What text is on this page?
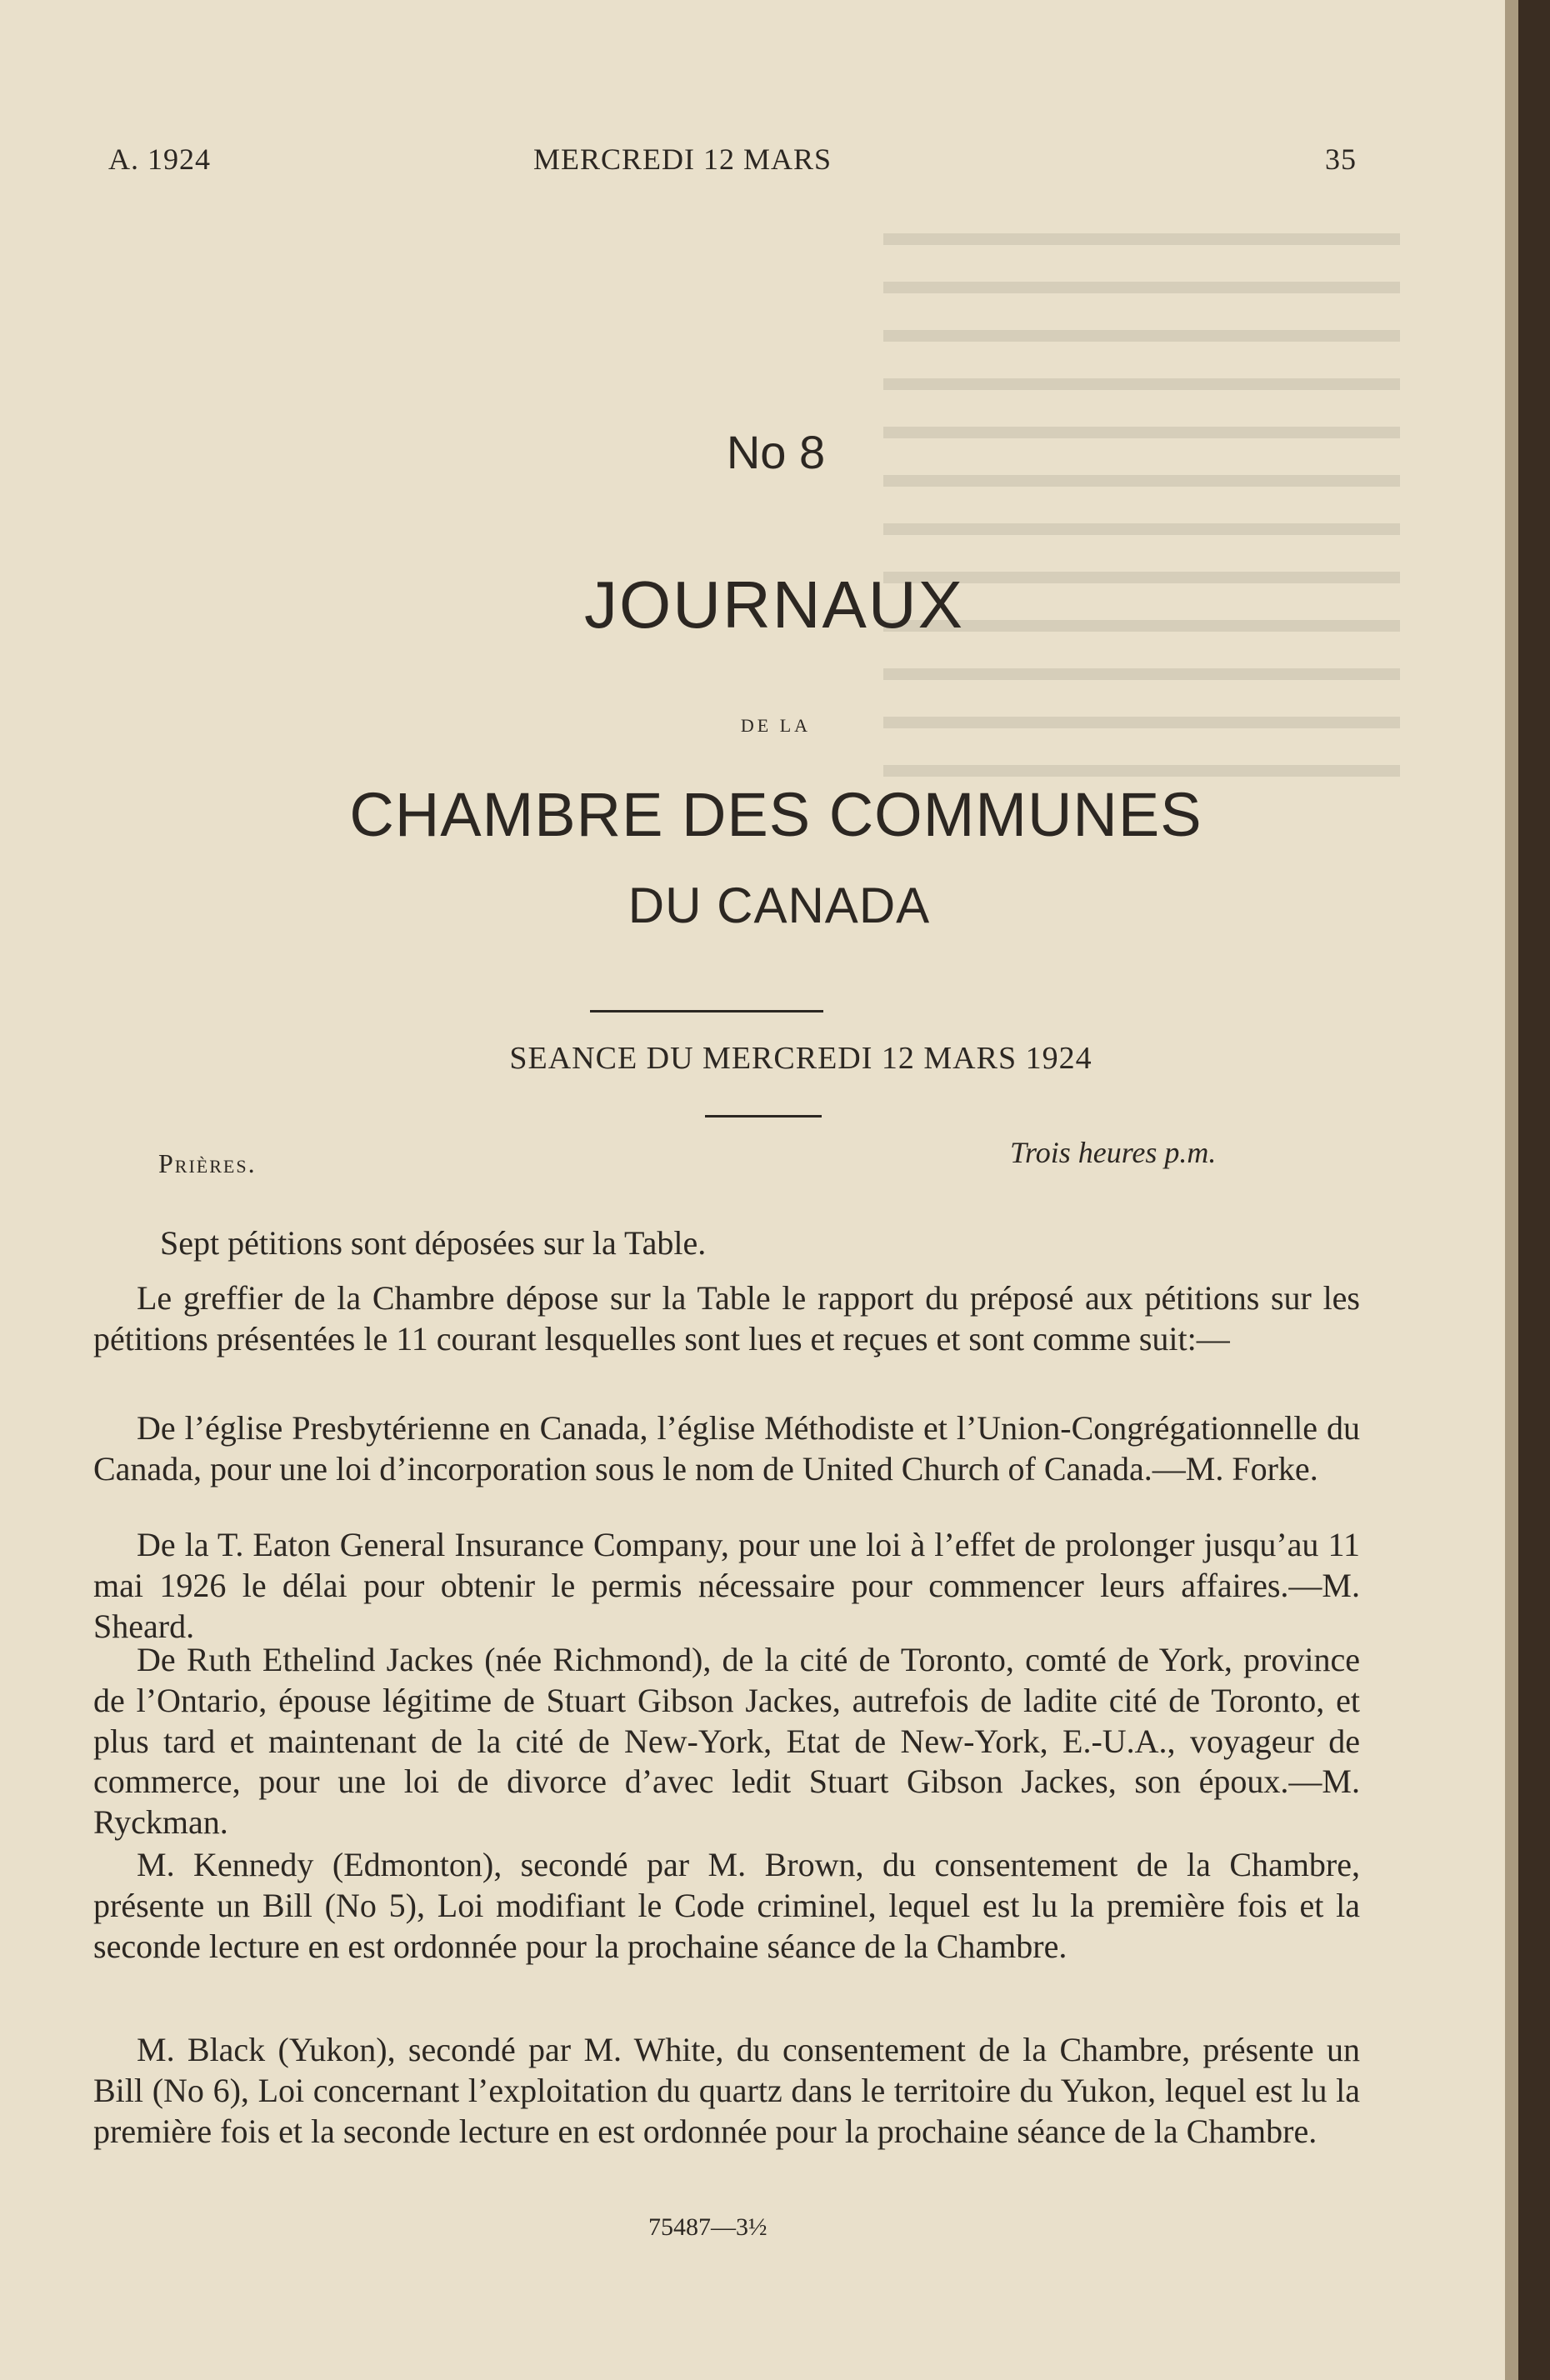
A. 1924	MERCREDI 12 MARS	35
No 8
JOURNAUX
DE LA
CHAMBRE DES COMMUNES
DU CANADA
SEANCE DU MERCREDI 12 MARS 1924
Prières.	Trois heures p.m.
Sept pétitions sont déposées sur la Table.
Le greffier de la Chambre dépose sur la Table le rapport du préposé aux pétitions sur les pétitions présentées le 11 courant lesquelles sont lues et reçues et sont comme suit:—
De l’église Presbytérienne en Canada, l’église Méthodiste et l’Union-Congrégationnelle du Canada, pour une loi d’incorporation sous le nom de United Church of Canada.—M. Forke.
De la T. Eaton General Insurance Company, pour une loi à l’effet de prolonger jusqu’au 11 mai 1926 le délai pour obtenir le permis nécessaire pour commencer leurs affaires.—M. Sheard.
De Ruth Ethelind Jackes (née Richmond), de la cité de Toronto, comté de York, province de l’Ontario, épouse légitime de Stuart Gibson Jackes, autrefois de ladite cité de Toronto, et plus tard et maintenant de la cité de New-York, Etat de New-York, E.-U.A., voyageur de commerce, pour une loi de divorce d’avec ledit Stuart Gibson Jackes, son époux.—M. Ryckman.
M. Kennedy (Edmonton), secondé par M. Brown, du consentement de la Chambre, présente un Bill (No 5), Loi modifiant le Code criminel, lequel est lu la première fois et la seconde lecture en est ordonnée pour la prochaine séance de la Chambre.
M. Black (Yukon), secondé par M. White, du consentement de la Chambre, présente un Bill (No 6), Loi concernant l’exploitation du quartz dans le territoire du Yukon, lequel est lu la première fois et la seconde lecture en est ordonnée pour la prochaine séance de la Chambre.
75487—3½
